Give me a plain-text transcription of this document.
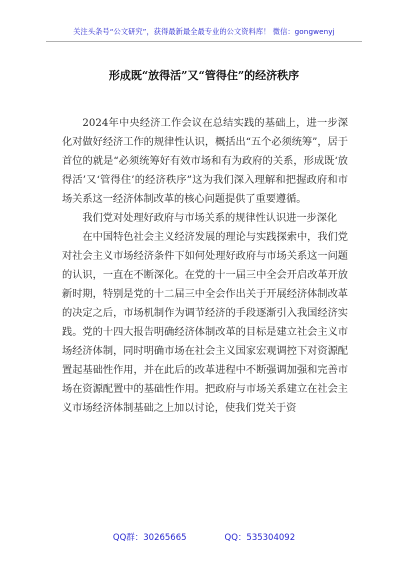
关注头条号“公文研究”，获得最新最全最专业的公文资料库！ 微信：gongwenyj
形成既“放得活”又“管得住”的经济秩序

2024年中央经济工作会议在总结实践的基础上，进一步深化对做好经济工作的规律性认识，概括出“五个必须统筹”，居于首位的就是“必须统筹好有效市场和有为政府的关系，形成既‘放得活’又‘管得住’的经济秩序”这为我们深入理解和把握政府和市场关系这一经济体制改革的核心问题提供了重要遵循。

我们党对处理好政府与市场关系的规律性认识进一步深化

在中国特色社会主义经济发展的理论与实践探索中，我们党对社会主义市场经济条件下如何处理好政府与市场关系这一问题的认识，一直在不断深化。在党的十一届三中全会开启改革开放新时期，特别是党的十二届三中全会作出关于开展经济体制改革的决定之后，市场机制作为调节经济的手段逐渐引入我国经济实践。党的十四大报告明确经济体制改革的目标是建立社会主义市场经济体制，同时明确市场在社会主义国家宏观调控下对资源配置起基础性作用，并在此后的改革进程中不断强调加强和完善市场在资源配置中的基础性作用。把政府与市场关系建立在社会主义市场经济体制基础之上加以讨论，使我们党关于资

QQ群：30265665	QQ：535304092
